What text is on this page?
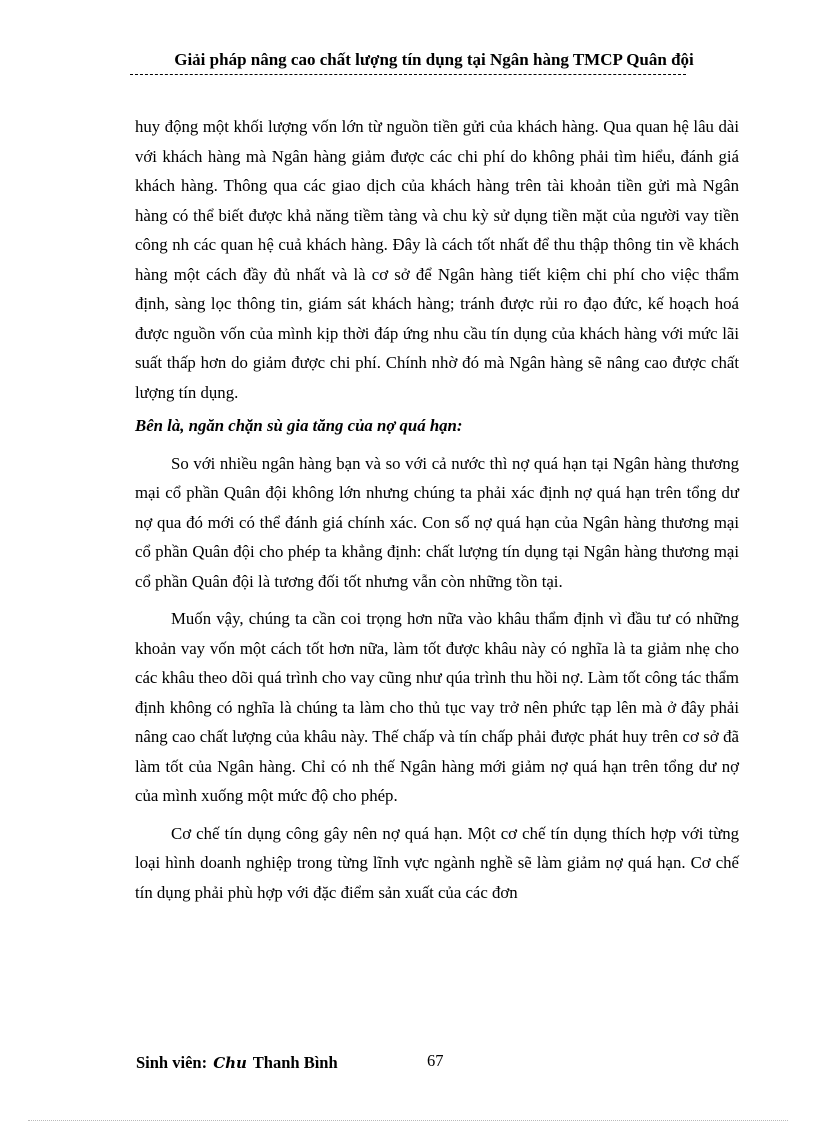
Giải pháp nâng cao chất lượng tín dụng tại Ngân hàng TMCP Quân đội

huy động một khối lượng vốn lớn từ nguồn tiền gửi của khách hàng. Qua quan hệ lâu dài với khách hàng mà Ngân hàng giảm được các chi phí do không phải tìm hiểu, đánh giá khách hàng. Thông qua các giao dịch của khách hàng trên tài khoản tiền gửi mà Ngân hàng có thể biết được khả năng tiềm tàng và chu kỳ sử dụng tiền mặt của người vay tiền công nh các quan hệ cuả khách hàng. Đây là cách tốt nhất để thu thập thông tin về khách hàng một cách đầy đủ nhất và là cơ sở để Ngân hàng tiết kiệm chi phí cho việc thẩm định, sàng lọc thông tin, giám sát khách hàng; tránh được rủi ro đạo đức, kế hoạch hoá được nguồn vốn của mình kịp thời đáp ứng nhu cầu tín dụng của khách hàng với mức lãi suất thấp hơn do giảm được chi phí. Chính nhờ đó mà Ngân hàng sẽ nâng cao được chất lượng tín dụng.

Bên là, ngăn chặn sù gia tăng của nợ quá hạn:

So với nhiều ngân hàng bạn và so với cả nước thì nợ quá hạn tại Ngân hàng thương mại cổ phần Quân đội không lớn nhưng chúng ta phải xác định nợ quá hạn trên tổng dư nợ qua đó mới có thể đánh giá chính xác. Con số nợ quá hạn của Ngân hàng thương mại cổ phần Quân đội cho phép ta khẳng định: chất lượng tín dụng tại Ngân hàng thương mại cổ phần Quân đội là tương đối tốt nhưng vẫn còn những tồn tại.

Muốn vậy, chúng ta cần coi trọng hơn nữa vào khâu thẩm định vì đầu tư có những khoản vay vốn một cách tốt hơn nữa, làm tốt được khâu này có nghĩa là ta giảm nhẹ cho các khâu theo dõi quá trình cho vay cũng như qúa trình thu hồi nợ. Làm tốt công tác thẩm định không có nghĩa là chúng ta làm cho thủ tục vay trở nên phức tạp lên mà ở đây phải nâng cao chất lượng của khâu này. Thế chấp và tín chấp phải được phát huy trên cơ sở đã làm tốt của Ngân hàng. Chỉ có nh thế Ngân hàng mới giảm nợ quá hạn trên tổng dư nợ của mình xuống một mức độ cho phép.

Cơ chế tín dụng công gây nên nợ quá hạn. Một cơ chế tín dụng thích hợp với từng loại hình doanh nghiệp trong từng lĩnh vực ngành nghề sẽ làm giảm nợ quá hạn. Cơ chế tín dụng phải phù hợp với đặc điểm sản xuất của các đơn

Sinh viên: Chu Thanh Bình	67
